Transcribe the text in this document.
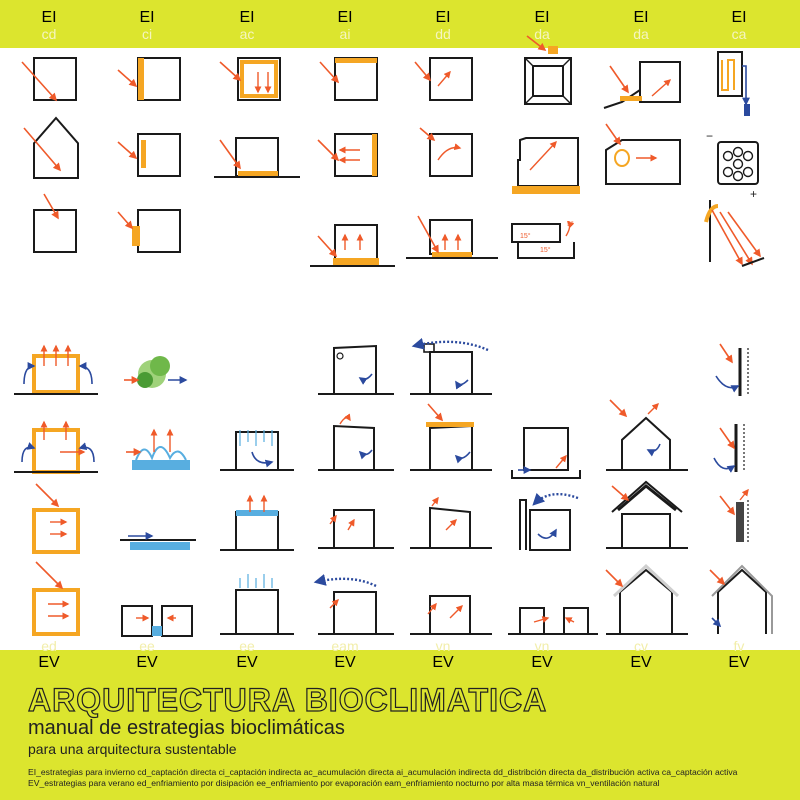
EI
cd
EI
ci
EI
ac
EI
ai
EI
dd
EI
da
EI
da
EI
ca
ed
EV
ee
EV
ee
EV
eam
EV
vn
EV
vn
EV
cv
EV
fv
EV
15°
5°
15°
−
+
ARQUITECTURA BIOCLIMATICA
manual de estrategias bioclimáticas
para una arquitectura sustentable
EI_estrategias para invierno cd_captación directa ci_captación indirecta ac_acumulación directa ai_acumulación indirecta dd_distribción directa da_distribución activa ca_captación activa
EV_estrategias para verano ed_enfriamiento por disipación ee_enfriamiento por evaporación eam_enfriamiento nocturno por alta masa térmica vn_ventilación natural
